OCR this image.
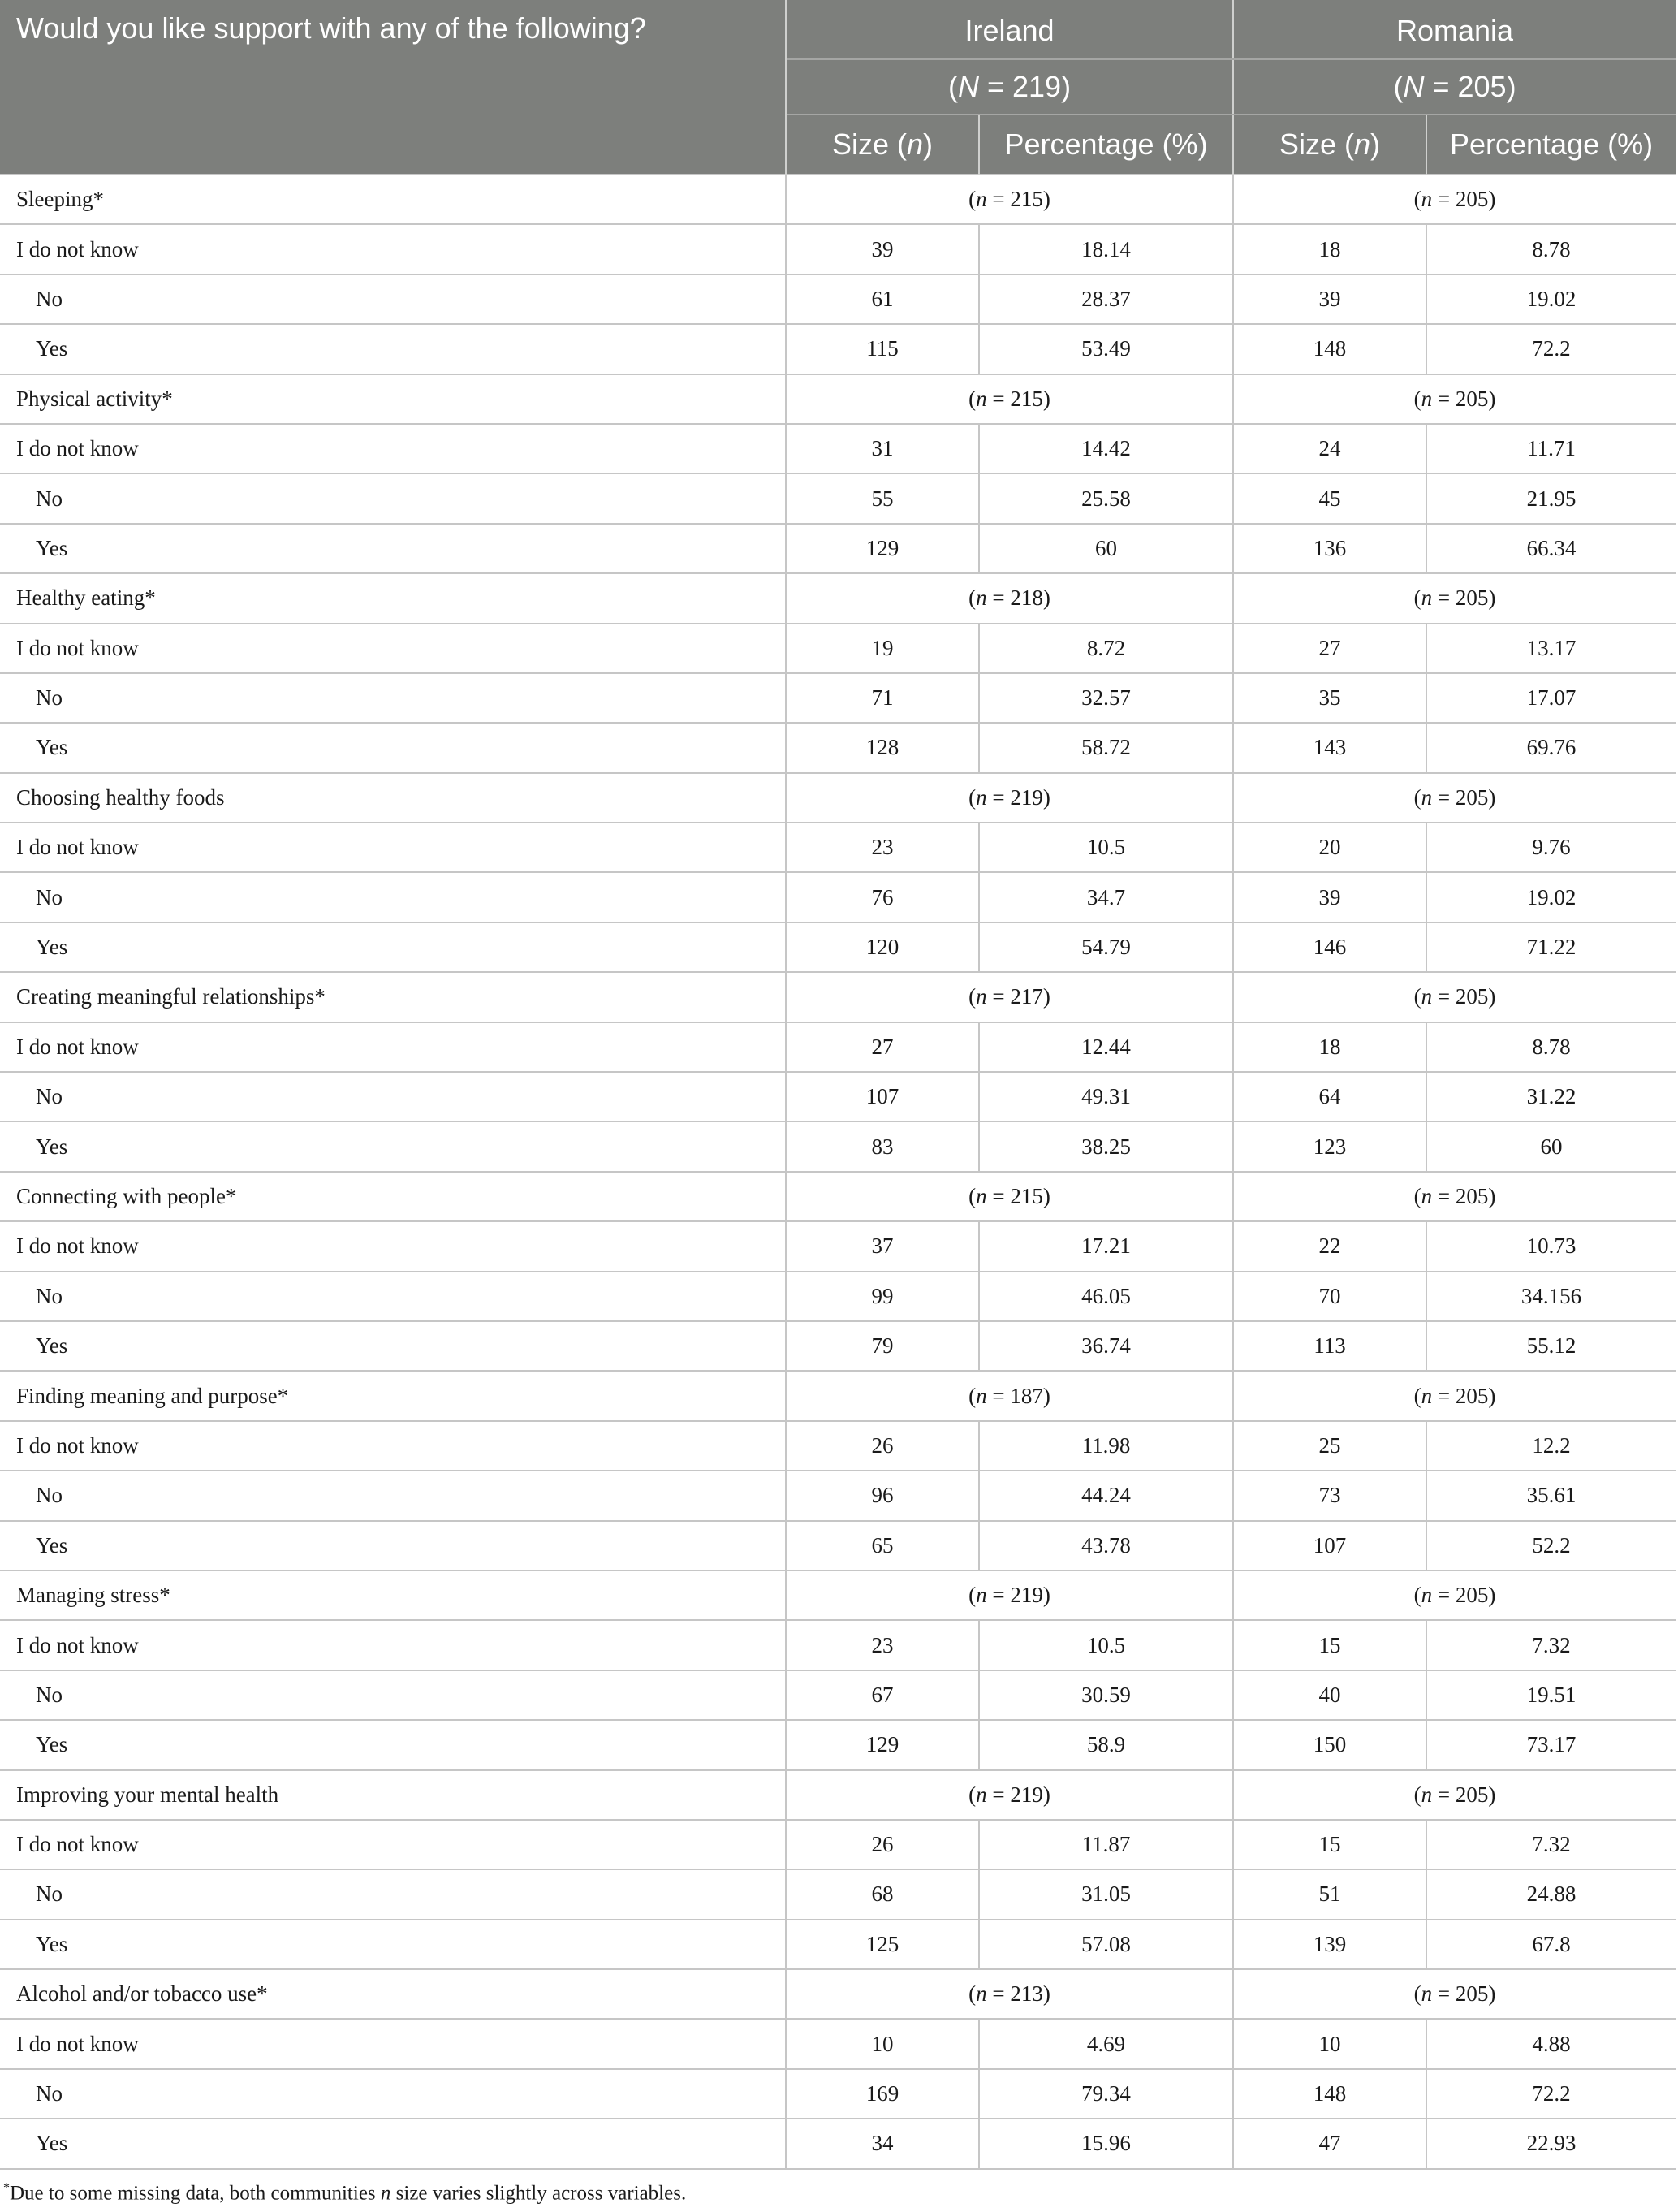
Would you like support with any of the following?	Ireland		Romania	
	(N = 219)		(N = 205)	
	Size (n)	Percentage (%)	Size (n)	Percentage (%)
Sleeping*	(n = 215)		(n = 205)	
I do not know	39	18.14	18	8.78
No	61	28.37	39	19.02
Yes	115	53.49	148	72.2
Physical activity*	(n = 215)		(n = 205)	
I do not know	31	14.42	24	11.71
No	55	25.58	45	21.95
Yes	129	60	136	66.34
Healthy eating*	(n = 218)		(n = 205)	
I do not know	19	8.72	27	13.17
No	71	32.57	35	17.07
Yes	128	58.72	143	69.76
Choosing healthy foods	(n = 219)		(n = 205)	
I do not know	23	10.5	20	9.76
No	76	34.7	39	19.02
Yes	120	54.79	146	71.22
Creating meaningful relationships*	(n = 217)		(n = 205)	
I do not know	27	12.44	18	8.78
No	107	49.31	64	31.22
Yes	83	38.25	123	60
Connecting with people*	(n = 215)		(n = 205)	
I do not know	37	17.21	22	10.73
No	99	46.05	70	34.156
Yes	79	36.74	113	55.12
Finding meaning and purpose*	(n = 187)		(n = 205)	
I do not know	26	11.98	25	12.2
No	96	44.24	73	35.61
Yes	65	43.78	107	52.2
Managing stress*	(n = 219)		(n = 205)	
I do not know	23	10.5	15	7.32
No	67	30.59	40	19.51
Yes	129	58.9	150	73.17
Improving your mental health	(n = 219)		(n = 205)	
I do not know	26	11.87	15	7.32
No	68	31.05	51	24.88
Yes	125	57.08	139	67.8
Alcohol and/or tobacco use*	(n = 213)		(n = 205)	
I do not know	10	4.69	10	4.88
No	169	79.34	148	72.2
Yes	34	15.96	47	22.93
*Due to some missing data, both communities n size varies slightly across variables.
